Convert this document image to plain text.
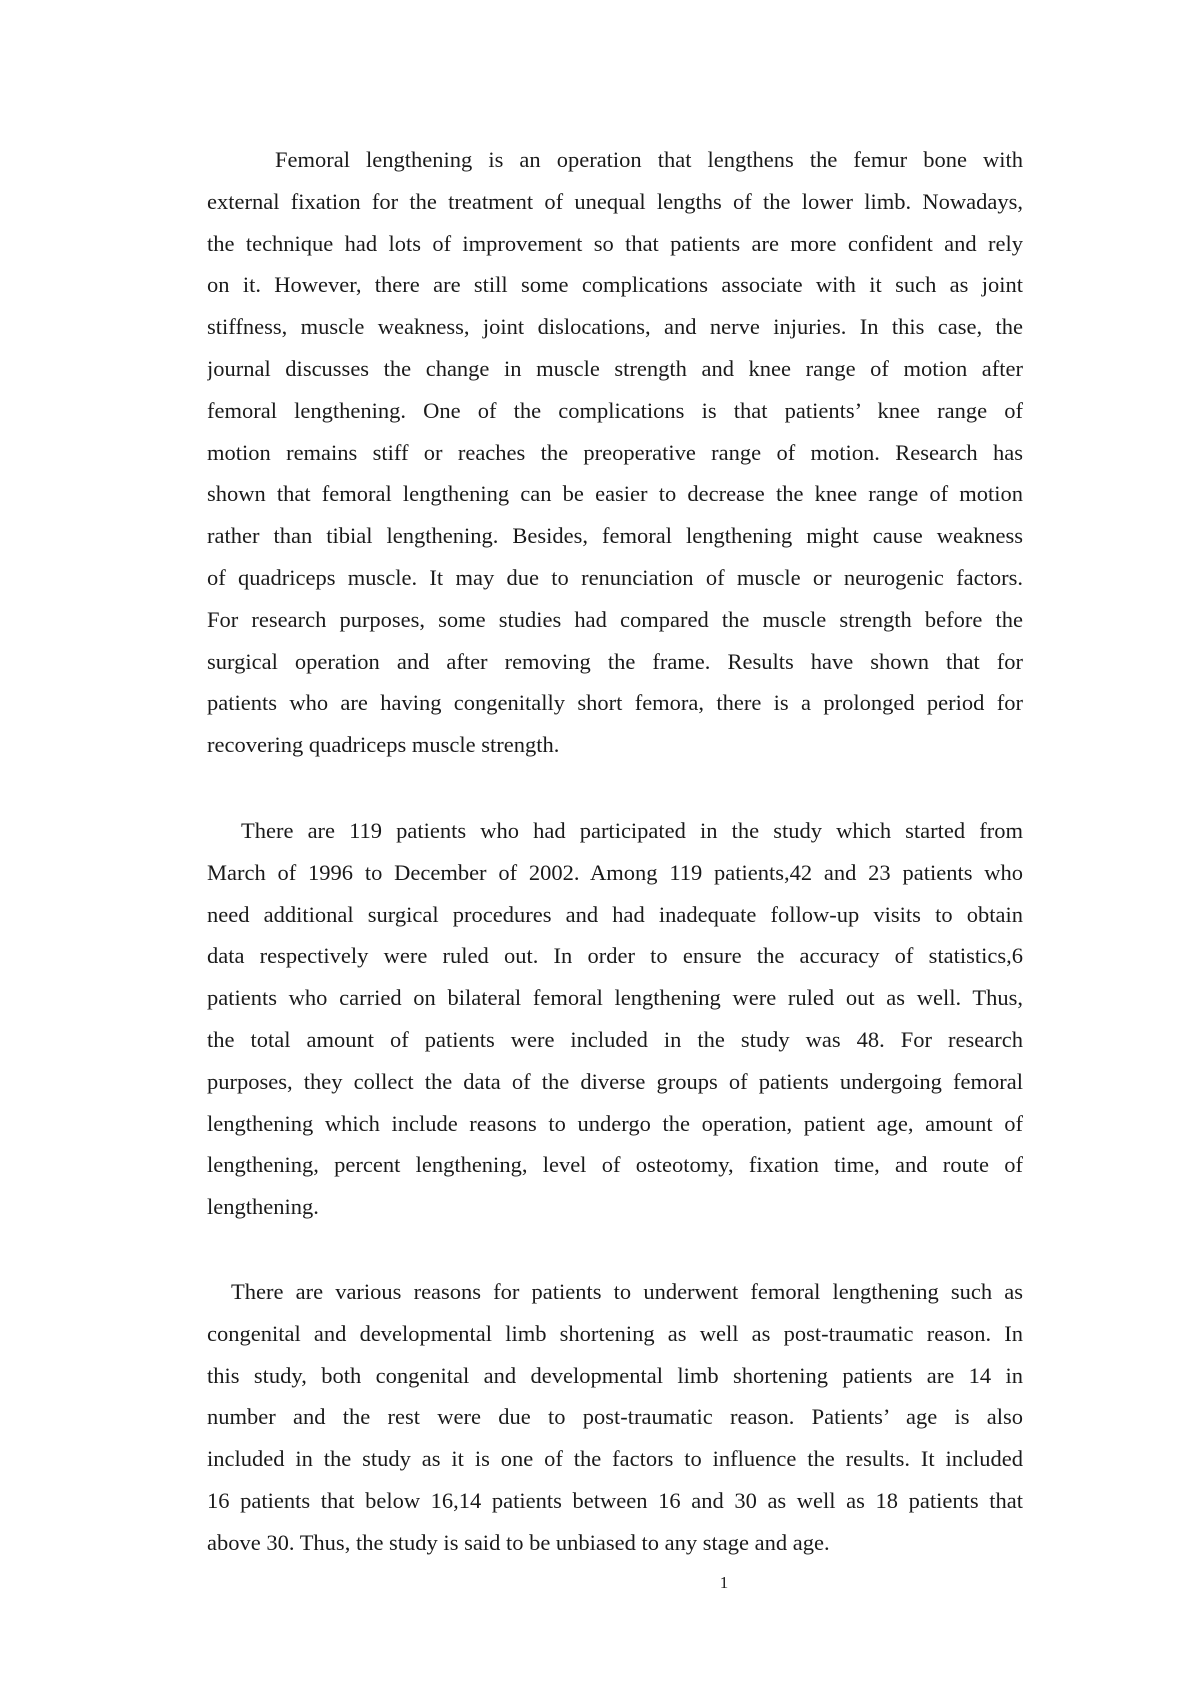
Femoral lengthening is an operation that lengthens the femur bone with
external fixation for the treatment of unequal lengths of the lower limb. Nowadays,
the technique had lots of improvement so that patients are more confident and rely
on it. However, there are still some complications associate with it such as joint
stiffness, muscle weakness, joint dislocations, and nerve injuries. In this case, the
journal discusses the change in muscle strength and knee range of motion after
femoral lengthening. One of the complications is that patients’ knee range of
motion remains stiff or reaches the preoperative range of motion. Research has
shown that femoral lengthening can be easier to decrease the knee range of motion
rather than tibial lengthening. Besides, femoral lengthening might cause weakness
of quadriceps muscle. It may due to renunciation of muscle or neurogenic factors.
For research purposes, some studies had compared the muscle strength before the
surgical operation and after removing the frame. Results have shown that for
patients who are having congenitally short femora, there is a prolonged period for
recovering quadriceps muscle strength.
There are 119 patients who had participated in the study which started from
March of 1996 to December of 2002. Among 119 patients,42 and 23 patients who
need additional surgical procedures and had inadequate follow-up visits to obtain
data respectively were ruled out. In order to ensure the accuracy of statistics,6
patients who carried on bilateral femoral lengthening were ruled out as well. Thus,
the total amount of patients were included in the study was 48. For research
purposes, they collect the data of the diverse groups of patients undergoing femoral
lengthening which include reasons to undergo the operation, patient age, amount of
lengthening, percent lengthening, level of osteotomy, fixation time, and route of
lengthening.
There are various reasons for patients to underwent femoral lengthening such as
congenital and developmental limb shortening as well as post-traumatic reason. In
this study, both congenital and developmental limb shortening patients are 14 in
number and the rest were due to post-traumatic reason. Patients’ age is also
included in the study as it is one of the factors to influence the results. It included
16 patients that below 16,14 patients between 16 and 30 as well as 18 patients that
above 30. Thus, the study is said to be unbiased to any stage and age.
1
